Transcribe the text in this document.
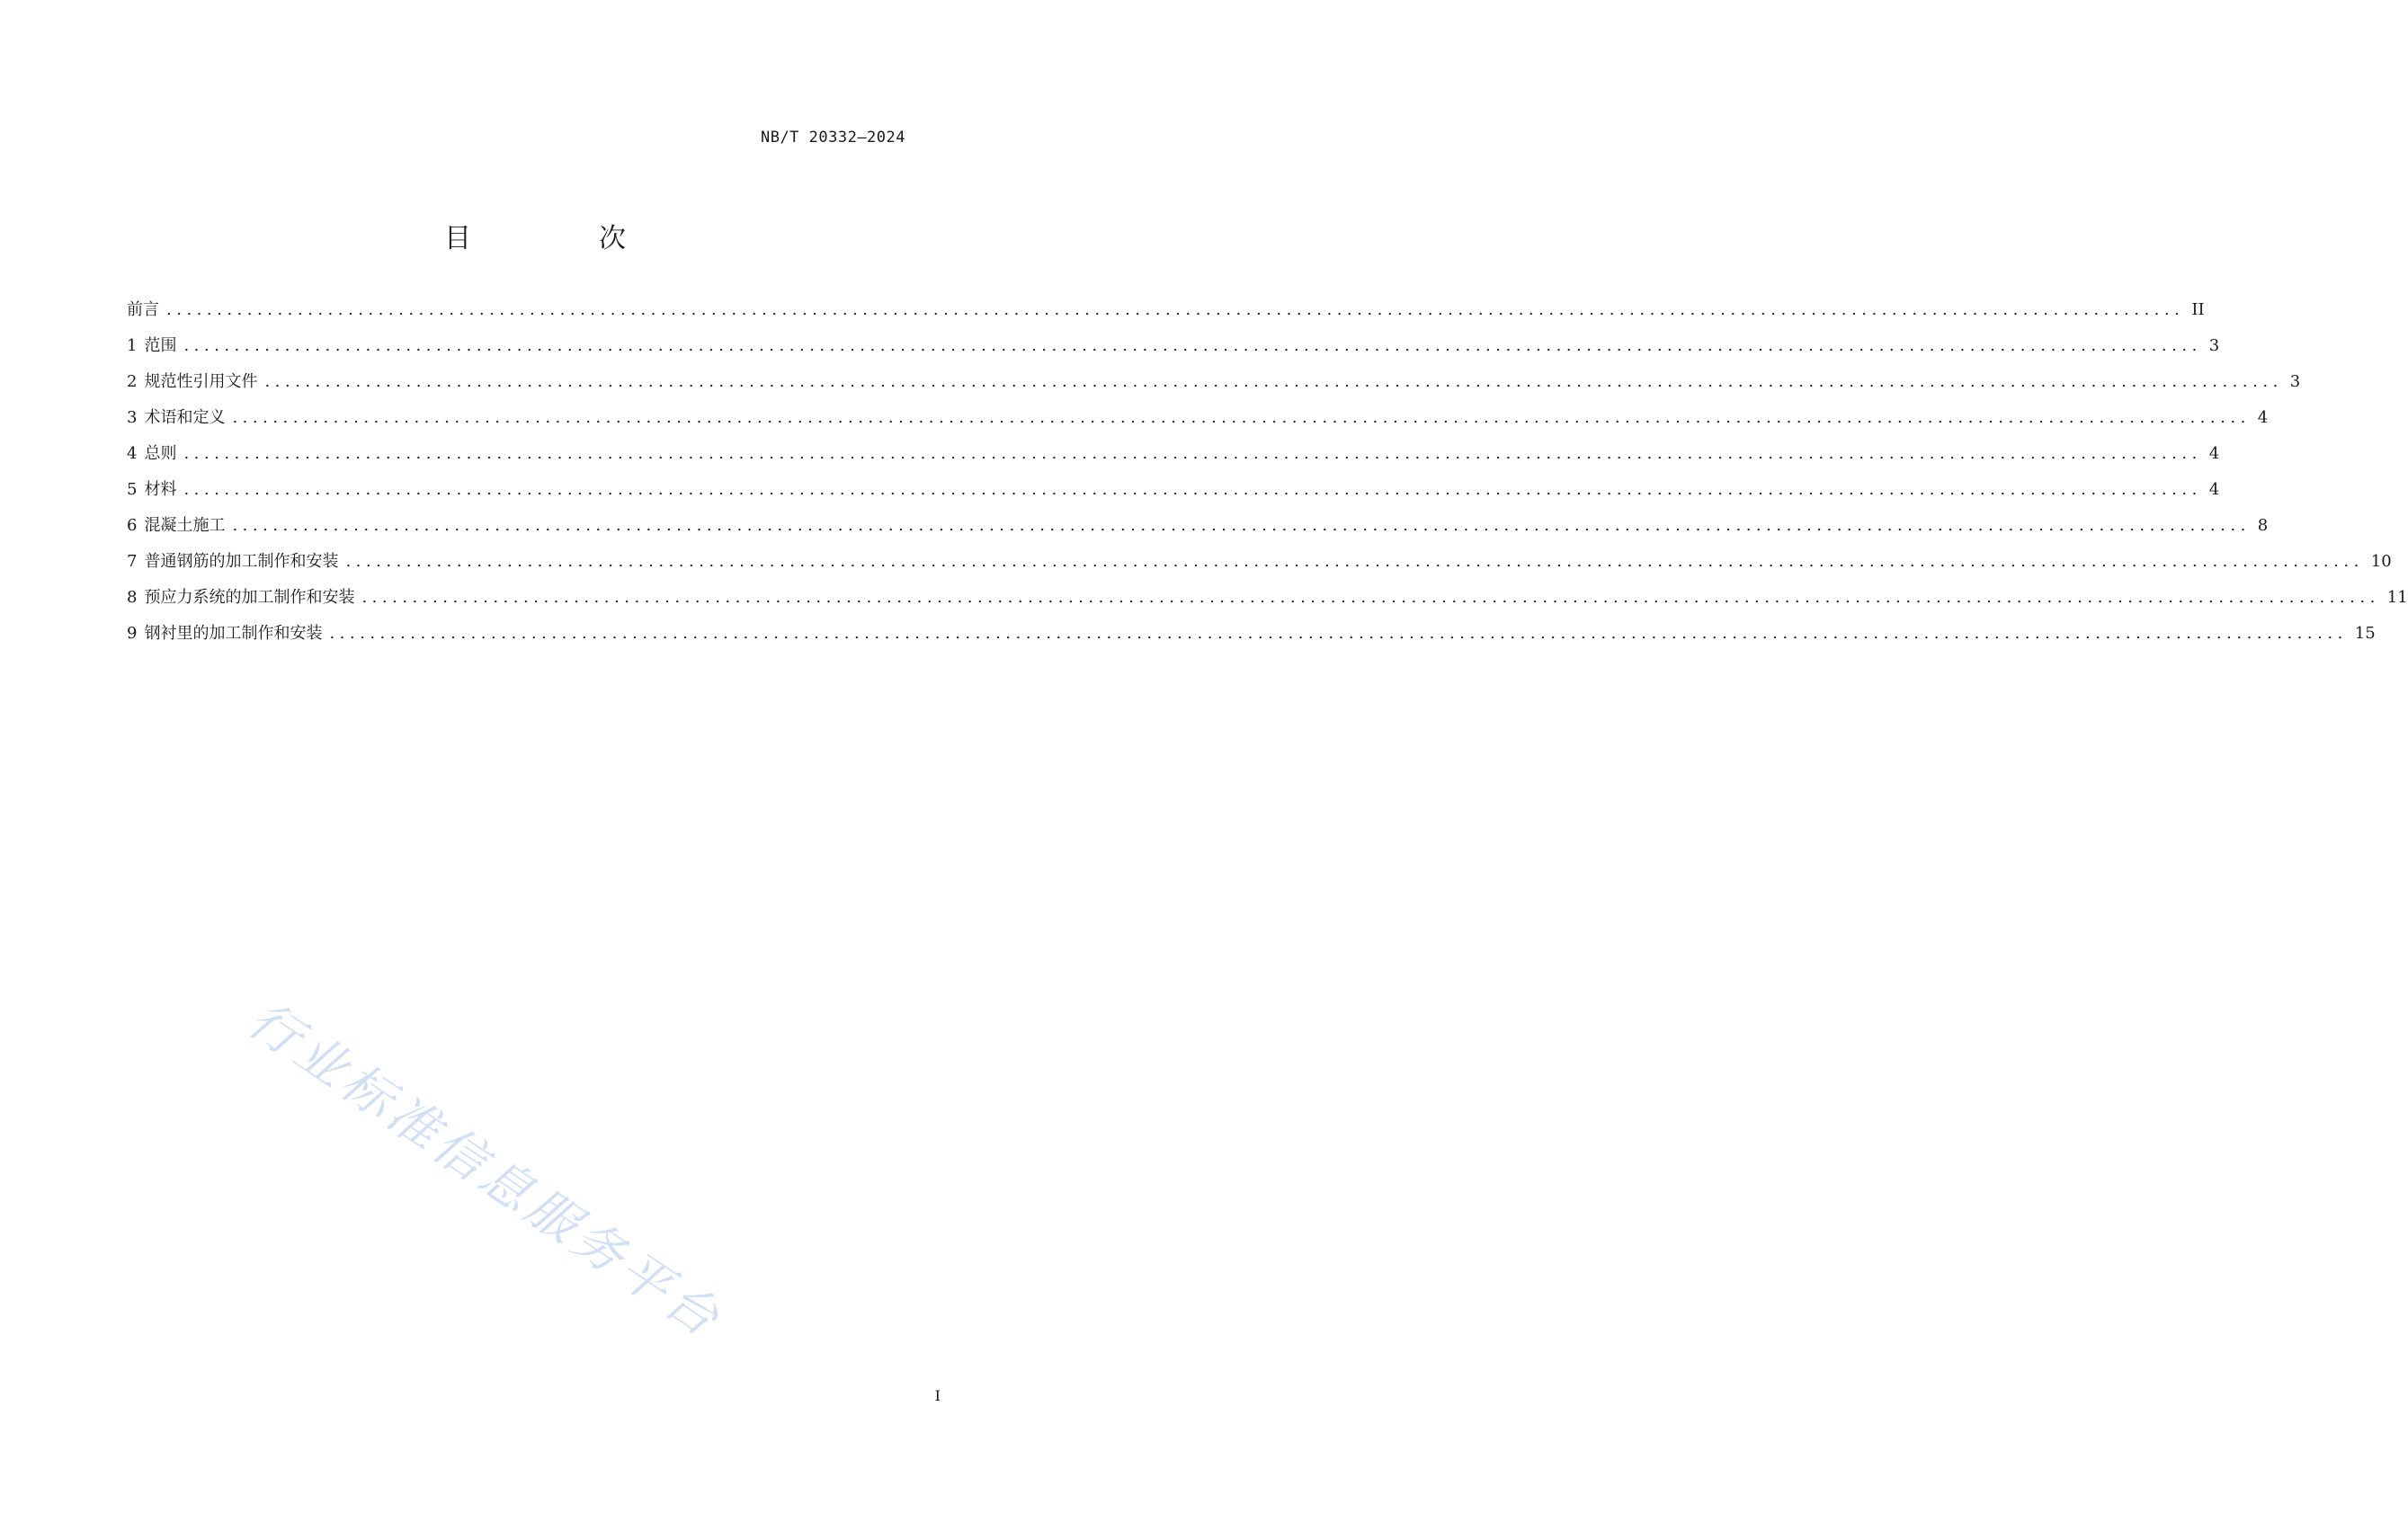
NB/T 20332—2024
目　次
前言 ........................................................................................................................................................................................................ II
1 范围 ........................................................................................................................................................................................................ 3
2 规范性引用文件 ........................................................................................................................................................................................................ 3
3 术语和定义 ........................................................................................................................................................................................................ 4
4 总则 ........................................................................................................................................................................................................ 4
5 材料 ........................................................................................................................................................................................................ 4
6 混凝土施工 ........................................................................................................................................................................................................ 8
7 普通钢筋的加工制作和安装 ........................................................................................................................................................................................................ 10
8 预应力系统的加工制作和安装 ........................................................................................................................................................................................................ 11
9 钢衬里的加工制作和安装 ........................................................................................................................................................................................................ 15
行业标准信息服务平台
I
